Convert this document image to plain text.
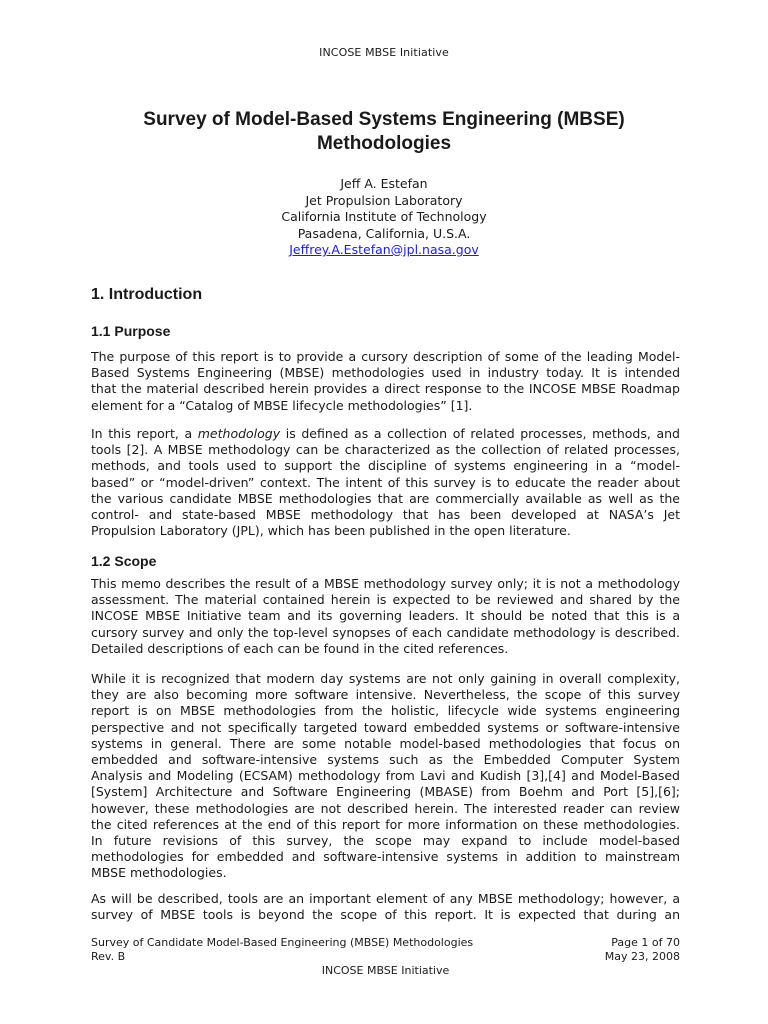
INCOSE MBSE Initiative
Survey of Model-Based Systems Engineering (MBSE)
Methodologies
Jeff A. Estefan
Jet Propulsion Laboratory
California Institute of Technology
Pasadena, California, U.S.A.
Jeffrey.A.Estefan@jpl.nasa.gov
1. Introduction
1.1 Purpose
The purpose of this report is to provide a cursory description of some of the leading Model-
Based Systems Engineering (MBSE) methodologies used in industry today. It is intended
that the material described herein provides a direct response to the INCOSE MBSE Roadmap
element for a “Catalog of MBSE lifecycle methodologies” [1].
In this report, a methodology is defined as a collection of related processes, methods, and
tools [2]. A MBSE methodology can be characterized as the collection of related processes,
methods, and tools used to support the discipline of systems engineering in a “model-
based” or “model-driven” context. The intent of this survey is to educate the reader about
the various candidate MBSE methodologies that are commercially available as well as the
control- and state-based MBSE methodology that has been developed at NASA’s Jet
Propulsion Laboratory (JPL), which has been published in the open literature.
1.2 Scope
This memo describes the result of a MBSE methodology survey only; it is not a methodology
assessment. The material contained herein is expected to be reviewed and shared by the
INCOSE MBSE Initiative team and its governing leaders. It should be noted that this is a
cursory survey and only the top-level synopses of each candidate methodology is described.
Detailed descriptions of each can be found in the cited references.
While it is recognized that modern day systems are not only gaining in overall complexity,
they are also becoming more software intensive. Nevertheless, the scope of this survey
report is on MBSE methodologies from the holistic, lifecycle wide systems engineering
perspective and not specifically targeted toward embedded systems or software-intensive
systems in general. There are some notable model-based methodologies that focus on
embedded and software-intensive systems such as the Embedded Computer System
Analysis and Modeling (ECSAM) methodology from Lavi and Kudish [3],[4] and Model-Based
[System] Architecture and Software Engineering (MBASE) from Boehm and Port [5],[6];
however, these methodologies are not described herein. The interested reader can review
the cited references at the end of this report for more information on these methodologies.
In future revisions of this survey, the scope may expand to include model-based
methodologies for embedded and software-intensive systems in addition to mainstream
MBSE methodologies.
As will be described, tools are an important element of any MBSE methodology; however, a
survey of MBSE tools is beyond the scope of this report. It is expected that during an
Survey of Candidate Model-Based Engineering (MBSE) Methodologies	Page 1 of 70
Rev. B	May 23, 2008
INCOSE MBSE Initiative
